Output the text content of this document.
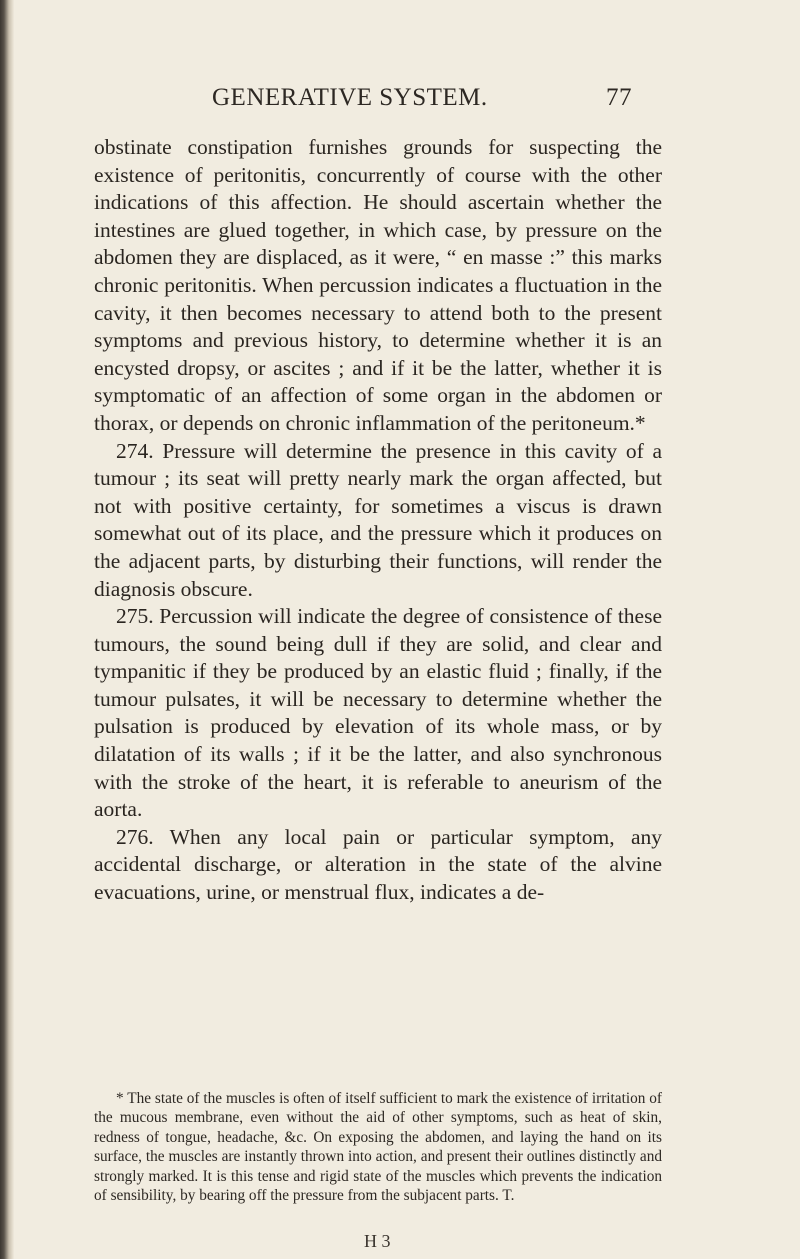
GENERATIVE SYSTEM.	77

obstinate constipation furnishes grounds for suspecting the existence of peritonitis, concurrently of course with the other indications of this affection. He should ascertain whether the intestines are glued together, in which case, by pressure on the abdomen they are displaced, as it were, “ en masse :” this marks chronic peritonitis. When percussion indicates a fluctuation in the cavity, it then becomes necessary to attend both to the present symptoms and previous history, to determine whether it is an encysted dropsy, or ascites ; and if it be the latter, whether it is symptomatic of an affection of some organ in the abdomen or thorax, or depends on chronic inflammation of the peritoneum.*

274. Pressure will determine the presence in this cavity of a tumour ; its seat will pretty nearly mark the organ affected, but not with positive certainty, for sometimes a viscus is drawn somewhat out of its place, and the pressure which it produces on the adjacent parts, by disturbing their functions, will render the diagnosis obscure.

275. Percussion will indicate the degree of consistence of these tumours, the sound being dull if they are solid, and clear and tympanitic if they be produced by an elastic fluid ; finally, if the tumour pulsates, it will be necessary to determine whether the pulsation is produced by elevation of its whole mass, or by dilatation of its walls ; if it be the latter, and also synchronous with the stroke of the heart, it is referable to aneurism of the aorta.

276. When any local pain or particular symptom, any accidental discharge, or alteration in the state of the alvine evacuations, urine, or menstrual flux, indicates a de-

* The state of the muscles is often of itself sufficient to mark the existence of irritation of the mucous membrane, even without the aid of other symptoms, such as heat of skin, redness of tongue, headache, &c. On exposing the abdomen, and laying the hand on its surface, the muscles are instantly thrown into action, and present their outlines distinctly and strongly marked. It is this tense and rigid state of the muscles which prevents the indication of sensibility, by bearing off the pressure from the subjacent parts. T.

H 3
